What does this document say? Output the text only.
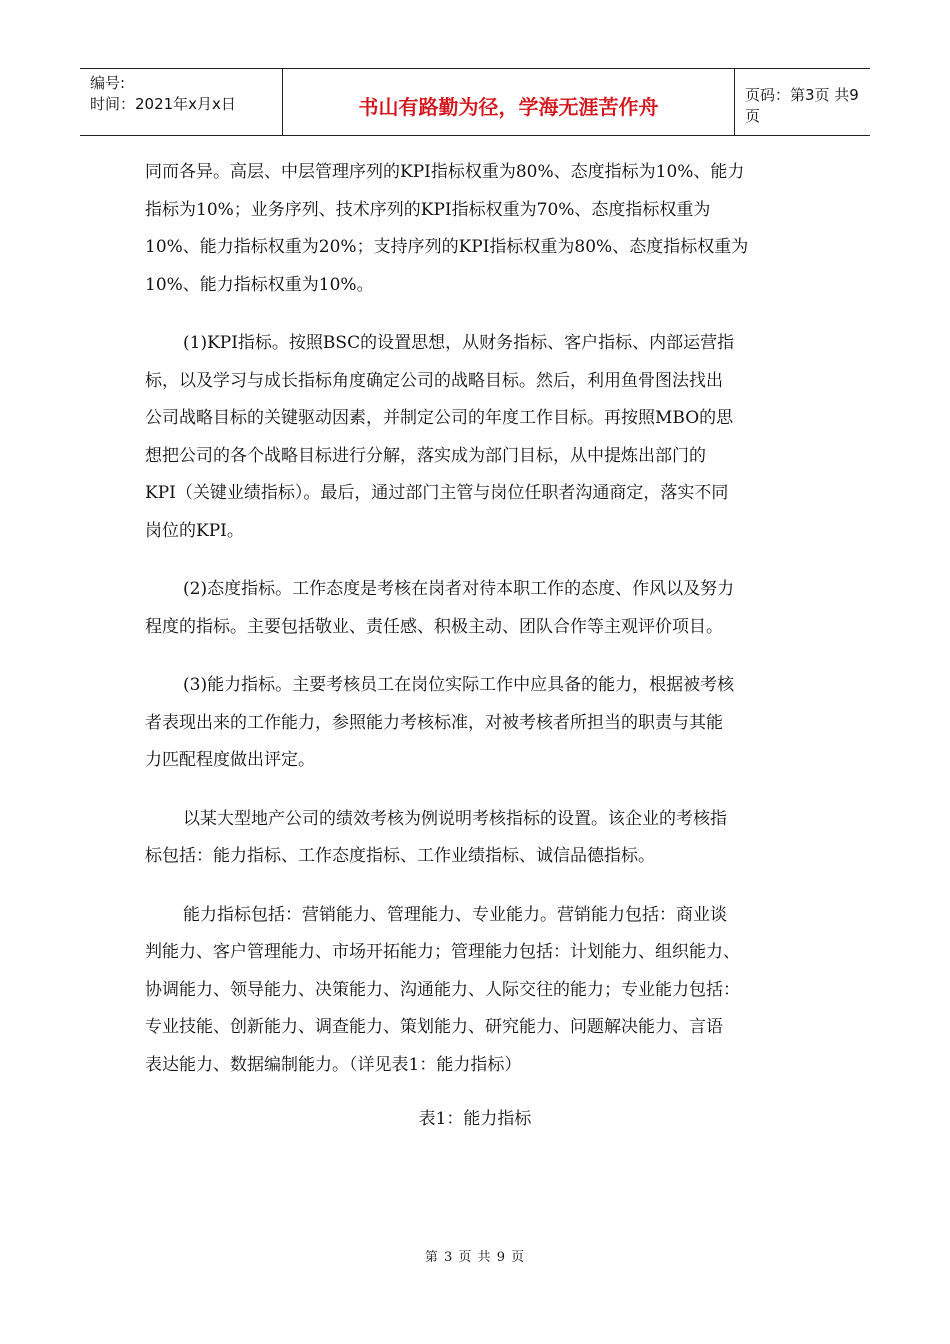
编号:
时间：2021年x月x日	书山有路勤为径，学海无涯苦作舟	页码：第3页 共9页
同而各异。高层、中层管理序列的KPI指标权重为80%、态度指标为10%、能力
指标为10%；业务序列、技术序列的KPI指标权重为70%、态度指标权重为
10%、能力指标权重为20%；支持序列的KPI指标权重为80%、态度指标权重为
10%、能力指标权重为10%。
(1)KPI指标。按照BSC的设置思想，从财务指标、客户指标、内部运营指
标，以及学习与成长指标角度确定公司的战略目标。然后，利用鱼骨图法找出
公司战略目标的关键驱动因素，并制定公司的年度工作目标。再按照MBO的思
想把公司的各个战略目标进行分解，落实成为部门目标，从中提炼出部门的
KPI（关键业绩指标）。最后，通过部门主管与岗位任职者沟通商定，落实不同
岗位的KPI。
(2)态度指标。工作态度是考核在岗者对待本职工作的态度、作风以及努力
程度的指标。主要包括敬业、责任感、积极主动、团队合作等主观评价项目。
(3)能力指标。主要考核员工在岗位实际工作中应具备的能力，根据被考核
者表现出来的工作能力，参照能力考核标准，对被考核者所担当的职责与其能
力匹配程度做出评定。
以某大型地产公司的绩效考核为例说明考核指标的设置。该企业的考核指
标包括：能力指标、工作态度指标、工作业绩指标、诚信品德指标。
能力指标包括：营销能力、管理能力、专业能力。营销能力包括：商业谈
判能力、客户管理能力、市场开拓能力；管理能力包括：计划能力、组织能力、
协调能力、领导能力、决策能力、沟通能力、人际交往的能力；专业能力包括：
专业技能、创新能力、调查能力、策划能力、研究能力、问题解决能力、言语
表达能力、数据编制能力。（详见表1：能力指标）
表1：能力指标
第 3 页 共 9 页
